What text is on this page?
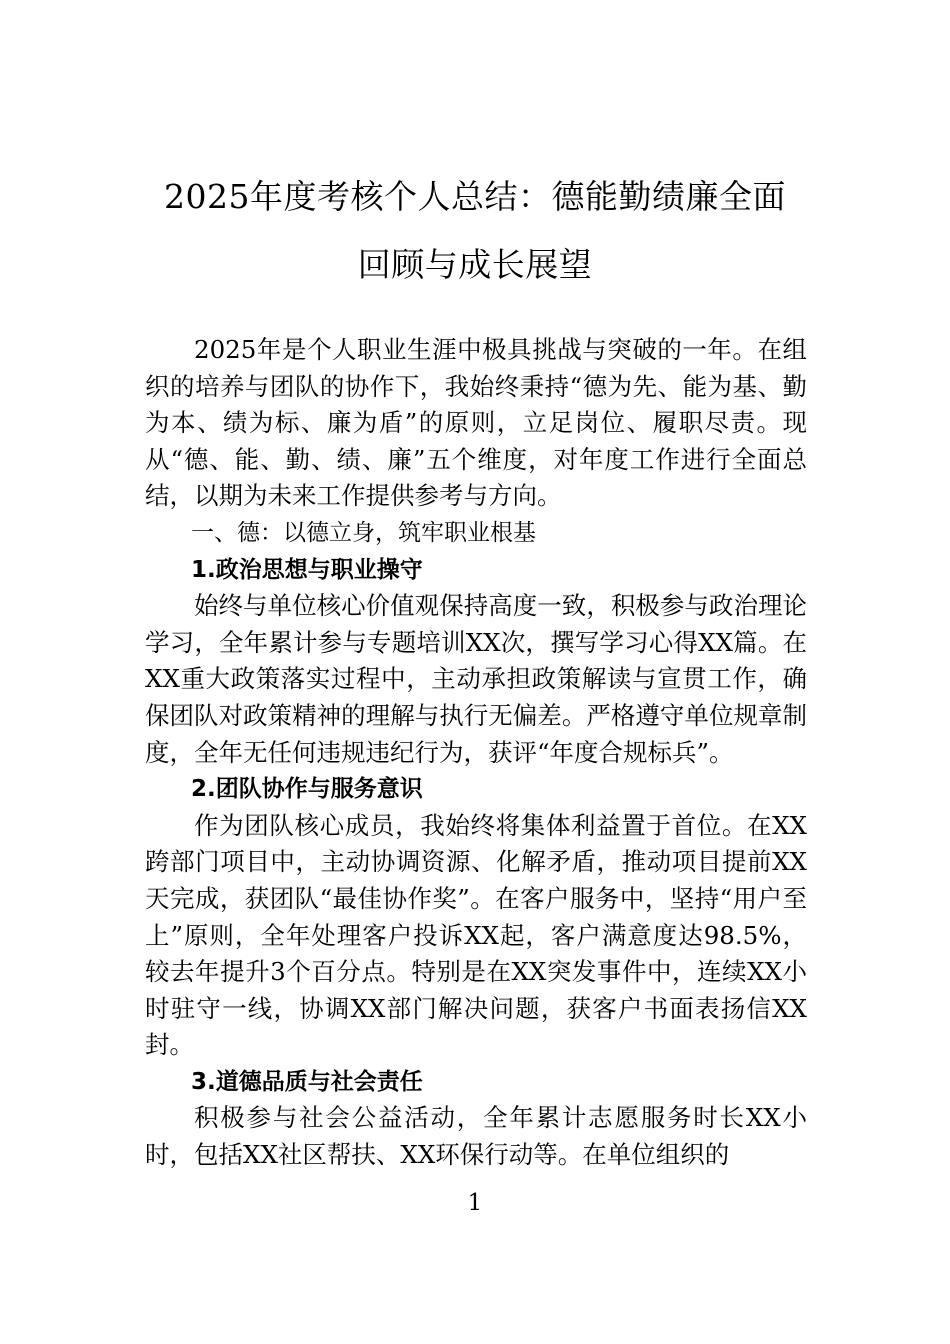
2025年度考核个人总结：德能勤绩廉全面
回顾与成长展望

2025年是个人职业生涯中极具挑战与突破的一年。在组织的培养与团队的协作下，我始终秉持“德为先、能为基、勤为本、绩为标、廉为盾”的原则，立足岗位、履职尽责。现从“德、能、勤、绩、廉”五个维度，对年度工作进行全面总结，以期为未来工作提供参考与方向。

一、德：以德立身，筑牢职业根基

1.政治思想与职业操守

始终与单位核心价值观保持高度一致，积极参与政治理论学习，全年累计参与专题培训XX次，撰写学习心得XX篇。在XX重大政策落实过程中，主动承担政策解读与宣贯工作，确保团队对政策精神的理解与执行无偏差。严格遵守单位规章制度，全年无任何违规违纪行为，获评“年度合规标兵”。

2.团队协作与服务意识

作为团队核心成员，我始终将集体利益置于首位。在XX跨部门项目中，主动协调资源、化解矛盾，推动项目提前XX天完成，获团队“最佳协作奖”。在客户服务中，坚持“用户至上”原则，全年处理客户投诉XX起，客户满意度达98.5%，较去年提升3个百分点。特别是在XX突发事件中，连续XX小时驻守一线，协调XX部门解决问题，获客户书面表扬信XX封。

3.道德品质与社会责任

积极参与社会公益活动，全年累计志愿服务时长XX小时，包括XX社区帮扶、XX环保行动等。在单位组织的

1
